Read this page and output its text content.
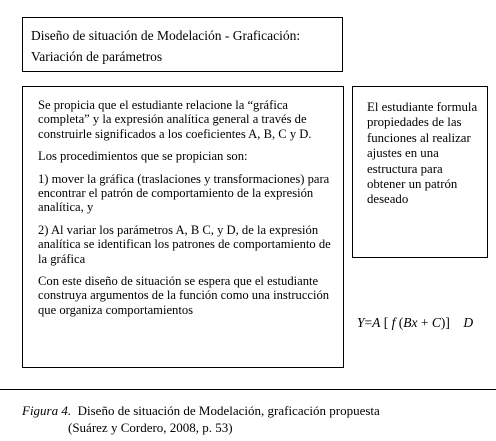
Diseño de situación de Modelación - Graficación:
Variación de parámetros

Se propicia que el estudiante relacione la “gráfica completa” y la expresión analítica general a través de construirle significados a los coeficientes A, B, C y D.

Los procedimientos que se propician son:

1) mover la gráfica (traslaciones y transformaciones) para encontrar el patrón de comportamiento de la expresión analítica, y

2) Al variar los parámetros A, B C, y D, de la expresión analítica se identifican los patrones de comportamiento de la gráfica

Con este diseño de situación se espera que el estudiante construya argumentos de la función como una instrucción que organiza comportamientos

El estudiante formula propiedades de las funciones al realizar ajustes en una estructura para obtener un patrón deseado
Y=A [ f (Bx + C)] D
Figura 4. Diseño de situación de Modelación, graficación propuesta
(Suárez y Cordero, 2008, p. 53)
